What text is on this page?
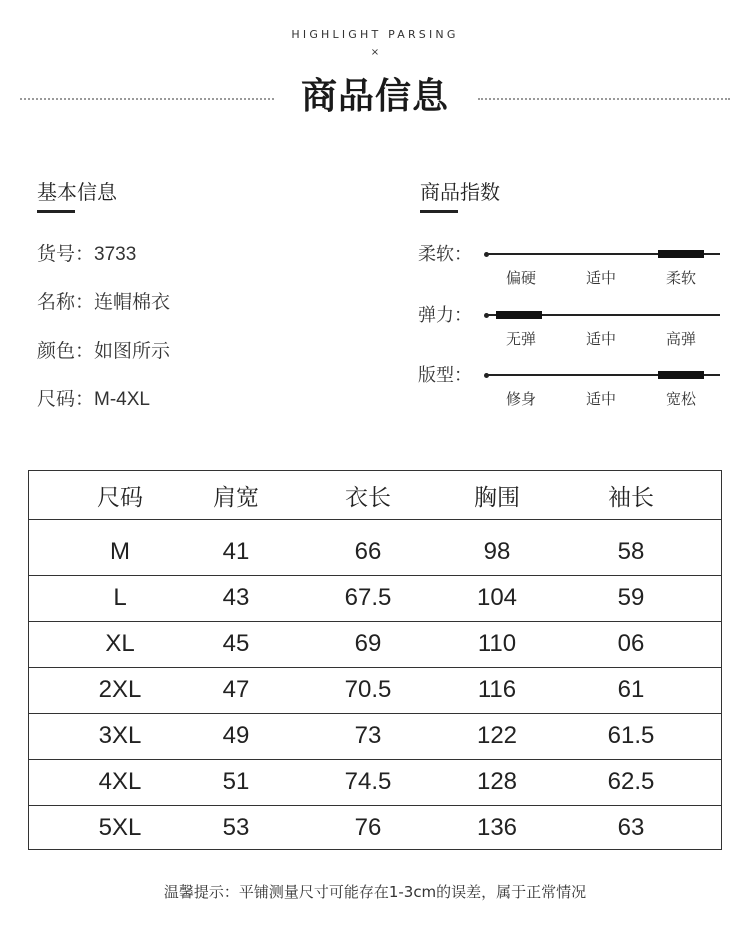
HIGHLIGHT PARSING
×
商品信息
基本信息
货号：3733
名称：连帽棉衣
颜色：如图所示
尺码：M-4XL
商品指数
柔软：
偏硬	适中	柔软
弹力：
无弹	适中	高弹
版型：
修身	适中	宽松
尺码	肩宽	衣长	胸围	袖长
M	41	66	98	58
L	43	67.5	104	59
XL	45	69	110	06
2XL	47	70.5	116	61
3XL	49	73	122	61.5
4XL	51	74.5	128	62.5
5XL	53	76	136	63
温馨提示：平铺测量尺寸可能存在1-3cm的误差，属于正常情况
